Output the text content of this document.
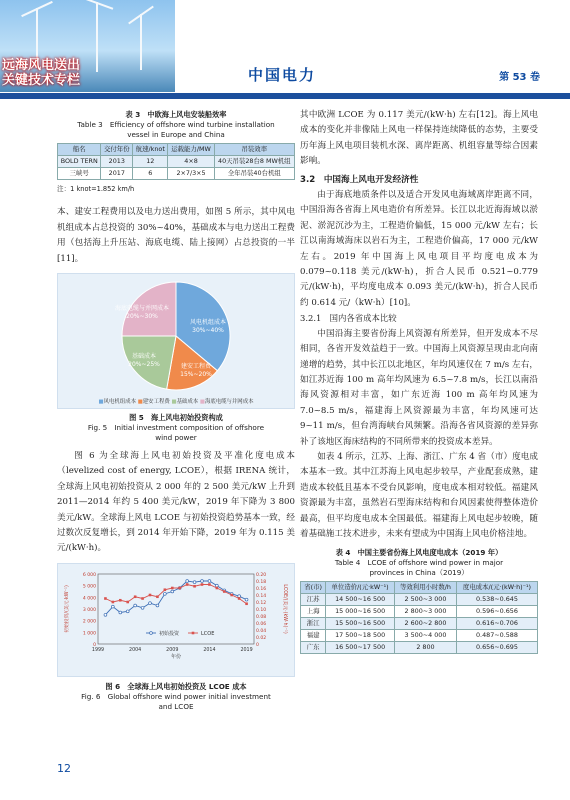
远海风电送出
关键技术专栏	中国电力	第 53 卷
表 3　中欧海上风电安装船效率
Table 3　Efficiency of offshore wind turbine installation
vessel in Europe and China
船名	交付年份	航速/knot	运载能力/MW	吊装效率
BOLD TERN	2013	12	4×8	40天吊装28台8 MW机组
三峡号	2017	6	2×7/3×5	全年吊装40台机组
注：1 knot=1.852 km/h

本、建安工程费用以及电力送出费用，如图 5 所示，其中风电机组成本占总投资的 30%~40%，基础成本与电力送出工程费用（包括海上升压站、海底电缆、陆上接网）占总投资的一半[11]。

风电机组成本
30%~40%
建安工程费
15%~20%
基础成本
20%~25%
海底电缆与并网成本
20%~30%
■风电机组成本 ■建安工程费 ■基础成本 ■海底电缆与并网成本
图 5　海上风电初始投资构成
Fig. 5　Initial investment composition of offshore
wind power

图 6 为全球海上风电初始投资及平准化度电成本（levelized cost of energy, LCOE），根据 IRENA 统计，全球海上风电初始投资从 2 000 年的 2 500 美元/kW 上升到 2011—2014 年约 5 400 美元/kW，2019 年下降为 3 800 美元/kW。全球海上风电 LCOE 与初始投资趋势基本一致，经过数次反复增长，到 2014 年开始下降，2019 年为 0.115 美元/(kW·h)。

0
1 000
2 000
3 000
4 000
5 000
6 000
0
0.02
0.04
0.06
0.08
0.10
0.12
0.14
0.16
0.18
0.20
1999	2004	2009	2014	2019
年份
初始投资/(美元·kW⁻¹)	LCOE/(美元·(kW·h)⁻¹)
初始投资	LCOE
图 6　全球海上风电初始投资及 LCOE 成本
Fig. 6　Global offshore wind power initial investment
and LCOE

其中欧洲 LCOE 为 0.117 美元/(kW·h) 左右[12]。海上风电成本的变化并非像陆上风电一样保持连续降低的态势，主要受历年海上风电项目装机水深、离岸距离、机组容量等综合因素影响。

3.2　中国海上风电开发经济性

由于海底地质条件以及适合开发风电海域离岸距离不同，中国沿海各省海上风电造价有所差异。长江以北近海海域以淤泥、淤泥沉沙为主，工程造价偏低，15 000 元/kW 左右；长江以南海域海床以岩石为主，工程造价偏高，17 000 元/kW 左右。2019 年中国海上风电项目平均度电成本为 0.079~0.118 美元/(kW·h)，折合人民币 0.521~0.779 元/(kW·h)，平均度电成本 0.093 美元/(kW·h)，折合人民币约 0.614 元/（kW·h）[10]。

3.2.1　国内各省成本比较

中国沿海主要省份海上风资源有所差异，但开发成本不尽相同，各省开发效益趋于一致。中国海上风资源呈现由北向南递增的趋势，其中长江以北地区，年均风速仅在 7 m/s 左右，如江苏近海 100 m 高年均风速为 6.5~7.8 m/s，长江以南沿海风资源相对丰富，如广东近海 100 m 高年均风速为 7.0~8.5 m/s，福建海上风资源最为丰富，年均风速可达 9~11 m/s，但台湾海峡台风频繁。沿海各省风资源的差异弥补了该地区海床结构的不同所带来的投资成本差异。

如表 4 所示，江苏、上海、浙江、广东 4 省（市）度电成本基本一致。其中江苏海上风电起步较早，产业配套成熟，建造成本较低且基本不受台风影响，度电成本相对较低。福建风资源最为丰富，虽然岩石型海床结构和台风因素使得整体造价最高，但平均度电成本全国最低。福建海上风电起步较晚，随着基础施工技术进步，未来有望成为中国海上风电价格洼地。

表 4　中国主要省份海上风电度电成本（2019 年）
Table 4　LCOE of offshore wind power in major
provinces in China（2019）
省(市)	单位造价/(元·kW⁻¹)	等效利用小时数/h	度电成本/(元·(kW·h)⁻¹)
江苏	14 500~16 500	2 500~3 000	0.538~0.645
上海	15 000~16 500	2 800~3 000	0.596~0.656
浙江	15 500~16 500	2 600~2 800	0.616~0.706
福建	17 500~18 500	3 500~4 000	0.487~0.588
广东	16 500~17 500	2 800	0.656~0.695
12
